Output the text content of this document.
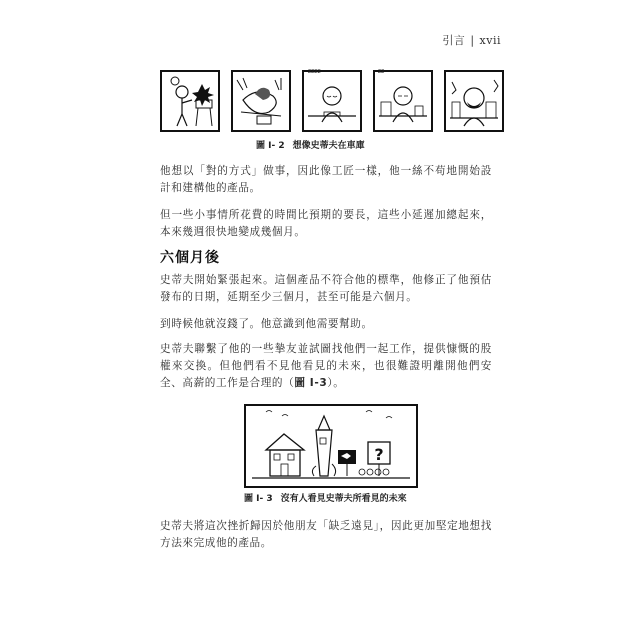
引言 | xvii
zzzz	zz
圖 I- 2 想像史蒂夫在車庫

他想以「對的方式」做事，因此像工匠一樣，他一絲不苟地開始設計和建構他的產品。

但一些小事情所花費的時間比預期的要長，這些小延遲加總起來，本來幾週很快地變成幾個月。

六個月後

史蒂夫開始緊張起來。這個產品不符合他的標準，他修正了他預估發布的日期，延期至少三個月，甚至可能是六個月。

到時候他就沒錢了。他意識到他需要幫助。

史蒂夫聯繫了他的一些摯友並試圖找他們一起工作，提供慷慨的股權來交換。但他們看不見他看見的未來，也很難證明離開他們安全、高薪的工作是合理的（圖 I-3）。

?
圖 I- 3 沒有人看見史蒂夫所看見的未來

史蒂夫將這次挫折歸因於他朋友「缺乏遠見」，因此更加堅定地想找方法來完成他的產品。
